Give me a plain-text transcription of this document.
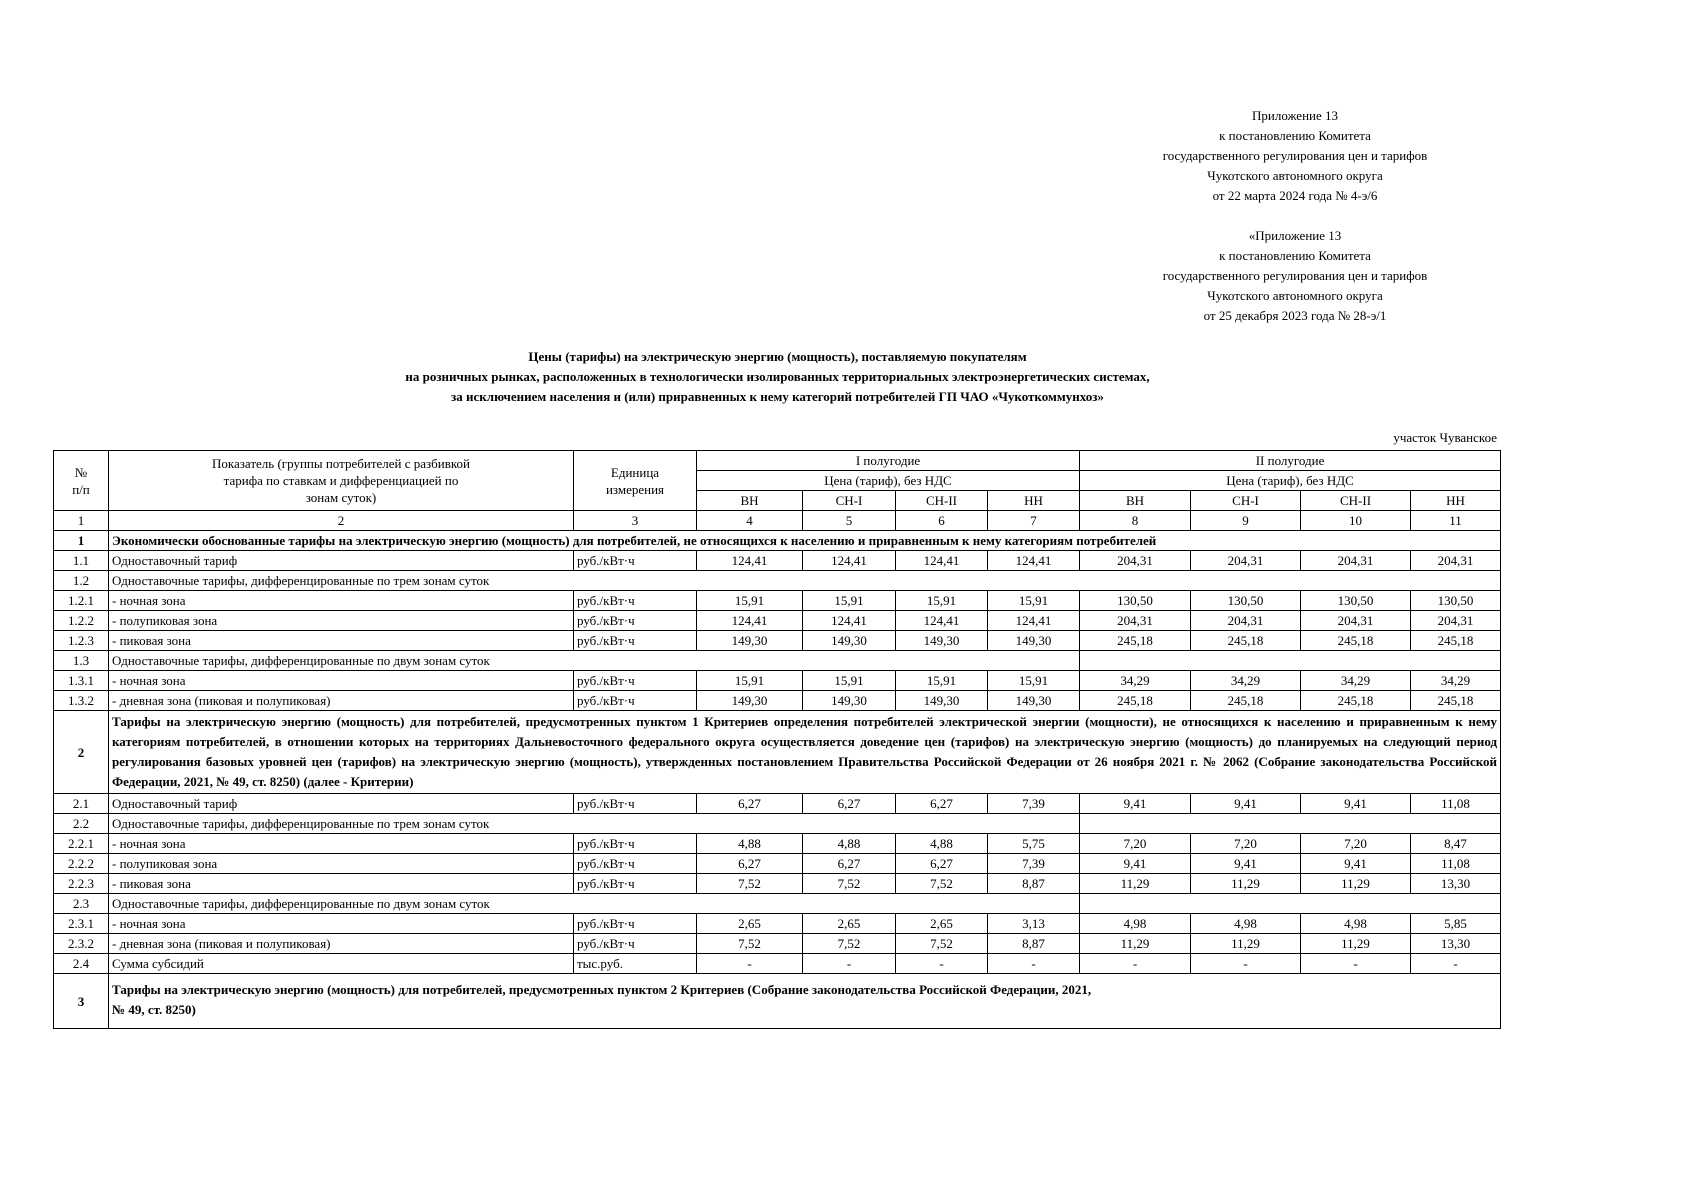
Приложение 13
к постановлению Комитета
государственного регулирования цен и тарифов
Чукотского автономного округа
от 22 марта 2024 года № 4-э/6
«Приложение 13
к постановлению Комитета
государственного регулирования цен и тарифов
Чукотского автономного округа
от 25 декабря 2023 года № 28-э/1
Цены (тарифы) на электрическую энергию (мощность), поставляемую покупателям
на розничных рынках, расположенных в технологически изолированных территориальных электроэнергетических системах,
за исключением населения и (или) приравненных к нему категорий потребителей ГП ЧАО «Чукоткоммунхоз»
участок Чуванское
№
п/п	Показатель (группы потребителей с разбивкой тарифа по ставкам и дифференциацией по зонам суток)	Единица измерения	I полугодие				II полугодие			
			Цена (тариф), без НДС				Цена (тариф), без НДС			
			ВН	СН-I	СН-II	НН	ВН	СН-I	СН-II	НН
1	2	3	4	5	6	7	8	9	10	11
1	Экономически обоснованные тарифы на электрическую энергию (мощность) для потребителей, не относящихся к населению и приравненным к нему категориям потребителей									
1.1	Одноставочный тариф	руб./кВт·ч	124,41	124,41	124,41	124,41	204,31	204,31	204,31	204,31
1.2	Одноставочные тарифы, дифференцированные по трем зонам суток									
1.2.1	- ночная зона	руб./кВт·ч	15,91	15,91	15,91	15,91	130,50	130,50	130,50	130,50
1.2.2	- полупиковая зона	руб./кВт·ч	124,41	124,41	124,41	124,41	204,31	204,31	204,31	204,31
1.2.3	- пиковая зона	руб./кВт·ч	149,30	149,30	149,30	149,30	245,18	245,18	245,18	245,18
1.3	Одноставочные тарифы, дифференцированные по двум зонам суток									
1.3.1	- ночная зона	руб./кВт·ч	15,91	15,91	15,91	15,91	34,29	34,29	34,29	34,29
1.3.2	- дневная зона (пиковая и полупиковая)	руб./кВт·ч	149,30	149,30	149,30	149,30	245,18	245,18	245,18	245,18
2	Тарифы на электрическую энергию (мощность) для потребителей, предусмотренных пунктом 1 Критериев определения потребителей электрической энергии (мощности), не относящихся к населению и приравненным к нему категориям потребителей, в отношении которых на территориях Дальневосточного федерального округа осуществляется доведение цен (тарифов) на электрическую энергию (мощность) до планируемых на следующий период регулирования базовых уровней цен (тарифов) на электрическую энергию (мощность), утвержденных постановлением Правительства Российской Федерации от 26 ноября 2021 г. № 2062 (Собрание законодательства Российской Федерации, 2021, № 49, ст. 8250) (далее - Критерии)									
2.1	Одноставочный тариф	руб./кВт·ч	6,27	6,27	6,27	7,39	9,41	9,41	9,41	11,08
2.2	Одноставочные тарифы, дифференцированные по трем зонам суток									
2.2.1	- ночная зона	руб./кВт·ч	4,88	4,88	4,88	5,75	7,20	7,20	7,20	8,47
2.2.2	- полупиковая зона	руб./кВт·ч	6,27	6,27	6,27	7,39	9,41	9,41	9,41	11,08
2.2.3	- пиковая зона	руб./кВт·ч	7,52	7,52	7,52	8,87	11,29	11,29	11,29	13,30
2.3	Одноставочные тарифы, дифференцированные по двум зонам суток									
2.3.1	- ночная зона	руб./кВт·ч	2,65	2,65	2,65	3,13	4,98	4,98	4,98	5,85
2.3.2	- дневная зона (пиковая и полупиковая)	руб./кВт·ч	7,52	7,52	7,52	8,87	11,29	11,29	11,29	13,30
2.4	Сумма субсидий	тыс.руб.	-	-	-	-	-	-	-	-
3	Тарифы на электрическую энергию (мощность) для потребителей, предусмотренных пунктом 2 Критериев (Собрание законодательства Российской Федерации, 2021,
№ 49, ст. 8250)									
